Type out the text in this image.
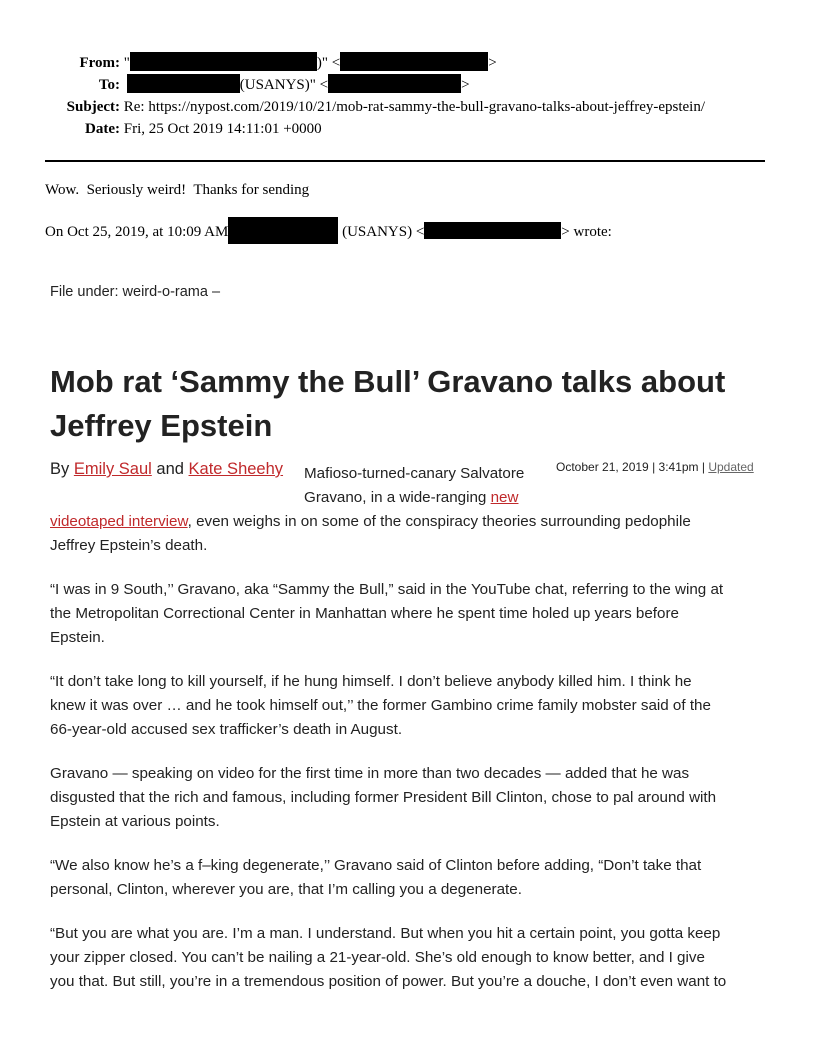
From: "	)" <	>
To:	(USANYS)" <	>
Subject: Re: https://nypost.com/2019/10/21/mob-rat-sammy-the-bull-gravano-talks-about-jeffrey-epstein/
Date: Fri, 25 Oct 2019 14:11:01 +0000
Wow.  Seriously weird!  Thanks for sending
On Oct 25, 2019, at 10:09 AM	(USANYS) <	> wrote:
File under: weird-o-rama –
Mob rat ‘Sammy the Bull’ Gravano talks about
Jeffrey Epstein
By Emily Saul and Kate Sheehy	October 21, 2019 | 3:41pm | Updated
Mafioso-turned-canary Salvatore
Gravano, in a wide-ranging new
videotaped interview, even weighs in on some of the conspiracy theories surrounding pedophile
Jeffrey Epstein’s death.
“I was in 9 South,’’ Gravano, aka “Sammy the Bull,” said in the YouTube chat, referring to the wing at
the Metropolitan Correctional Center in Manhattan where he spent time holed up years before
Epstein.
“It don’t take long to kill yourself, if he hung himself. I don’t believe anybody killed him. I think he
knew it was over … and he took himself out,’’ the former Gambino crime family mobster said of the
66-year-old accused sex trafficker’s death in August.
Gravano — speaking on video for the first time in more than two decades — added that he was
disgusted that the rich and famous, including former President Bill Clinton, chose to pal around with
Epstein at various points.
“We also know he’s a f–king degenerate,’’ Gravano said of Clinton before adding, “Don’t take that
personal, Clinton, wherever you are, that I’m calling you a degenerate.
“But you are what you are. I’m a man. I understand. But when you hit a certain point, you gotta keep
your zipper closed. You can’t be nailing a 21-year-old. She’s old enough to know better, and I give
you that. But still, you’re in a tremendous position of power. But you’re a douche, I don’t even want to
